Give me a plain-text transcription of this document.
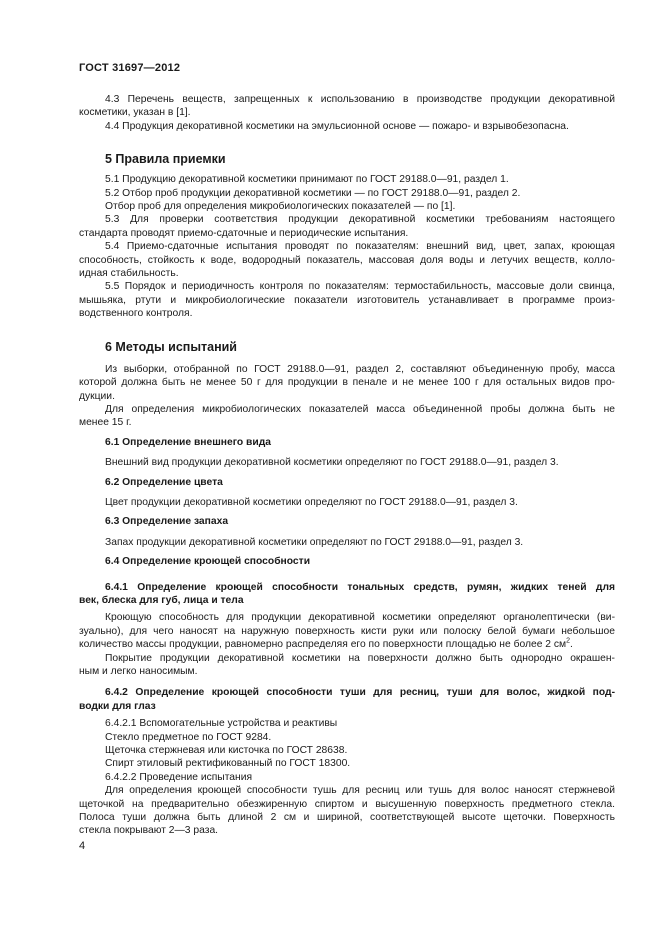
ГОСТ 31697—2012

4.3 Перечень веществ, запрещенных к использованию в производстве продукции декоративной

косметики, указан в [1].

4.4 Продукция декоративной косметики на эмульсионной основе — пожаро- и взрывобезопасна.

5 Правила приемки

5.1 Продукцию декоративной косметики принимают по ГОСТ 29188.0—91, раздел 1.

5.2 Отбор проб продукции декоративной косметики — по ГОСТ 29188.0—91, раздел 2.

Отбор проб для определения микробиологических показателей — по [1].

5.3 Для проверки соответствия продукции декоративной косметики требованиям настоящего

стандарта проводят приемо-сдаточные и периодические испытания.

5.4 Приемо-сдаточные испытания проводят по показателям: внешний вид, цвет, запах, кроющая

способность, стойкость к воде, водородный показатель, массовая доля воды и летучих веществ, колло-

идная стабильность.

5.5 Порядок и периодичность контроля по показателям: термостабильность, массовые доли свинца,

мышьяка, ртути и микробиологические показатели изготовитель устанавливает в программе произ-

водственного контроля.

6 Методы испытаний

Из выборки, отобранной по ГОСТ 29188.0—91, раздел 2, составляют объединенную пробу, масса

которой должна быть не менее 50 г для продукции в пенале и не менее 100 г для остальных видов про-

дукции.

Для определения микробиологических показателей масса объединенной пробы должна быть не

менее 15 г.

6.1 Определение внешнего вида

Внешний вид продукции декоративной косметики определяют по ГОСТ 29188.0—91, раздел 3.

6.2 Определение цвета

Цвет продукции декоративной косметики определяют по ГОСТ 29188.0—91, раздел 3.

6.3 Определение запаха

Запах продукции декоративной косметики определяют по ГОСТ 29188.0—91, раздел 3.

6.4 Определение кроющей способности
6.4.1 Определение кроющей способности тональных средств, румян, жидких теней для
век, блеска для губ, лица и тела

Кроющую способность для продукции декоративной косметики определяют органолептически (ви-

зуально), для чего наносят на наружную поверхность кисти руки или полоску белой бумаги небольшое

количество массы продукции, равномерно распределяя его по поверхности площадью не более 2 $см^2$.

Покрытие продукции декоративной косметики на поверхности должно быть однородно окрашен-

ным и легко наносимым.

6.4.2 Определение кроющей способности туши для ресниц, туши для волос, жидкой под-
водки для глаз

6.4.2.1 Вспомогательные устройства и реактивы

Стекло предметное по ГОСТ 9284.

Щеточка стержневая или кисточка по ГОСТ 28638.

Спирт этиловый ректификованный по ГОСТ 18300.

6.4.2.2 Проведение испытания

Для определения кроющей способности тушь для ресниц или тушь для волос наносят стержневой

щеточкой на предварительно обезжиренную спиртом и высушенную поверхность предметного стекла.

Полоса туши должна быть длиной 2 см и шириной, соответствующей высоте щеточки. Поверхность

стекла покрывают 2—3 раза.

4
